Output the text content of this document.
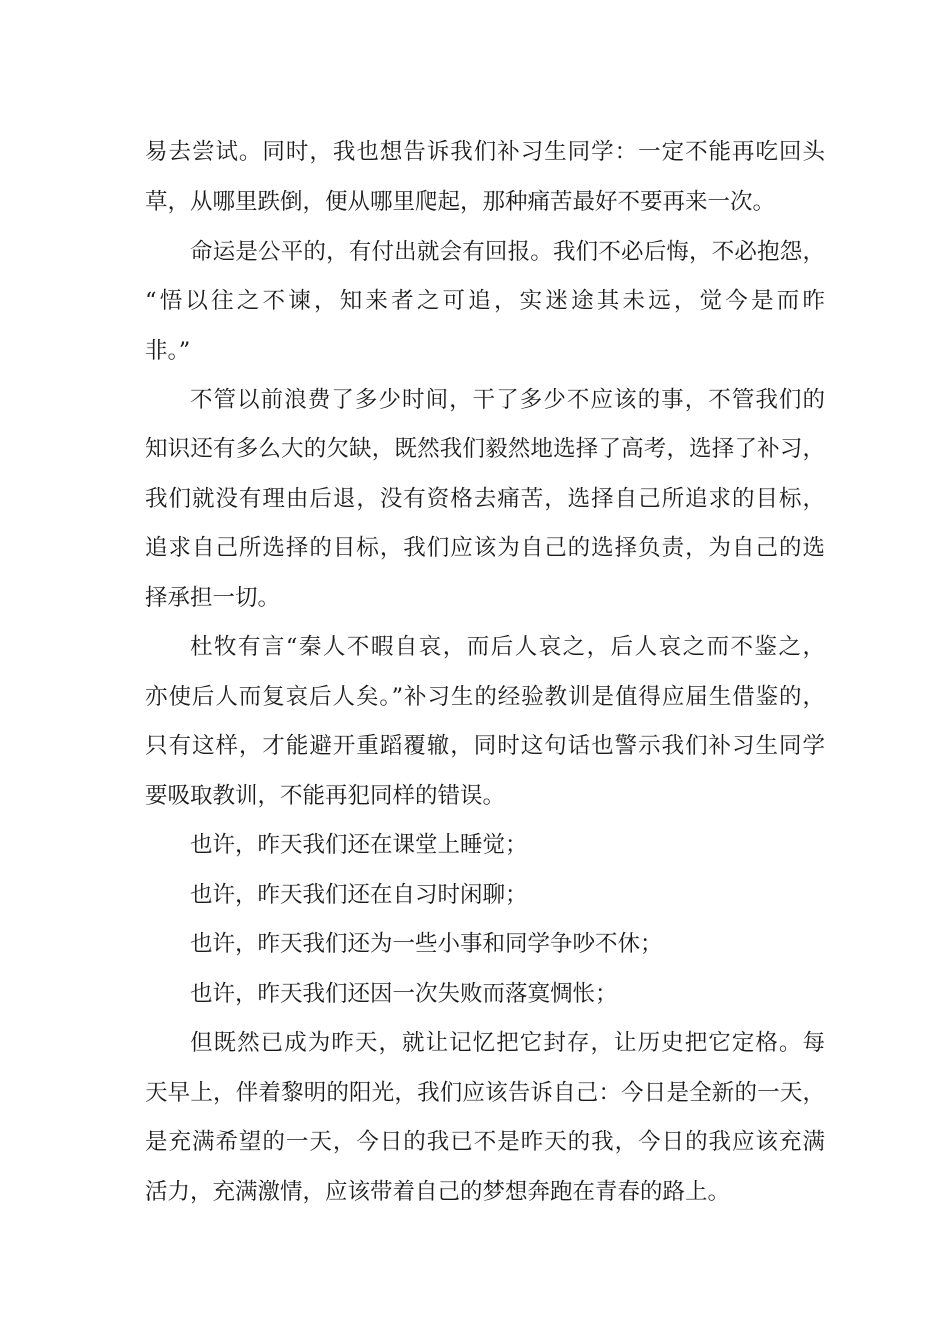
易去尝试。同时，我也想告诉我们补习生同学：一定不能再吃回头
草，从哪里跌倒，便从哪里爬起，那种痛苦最好不要再来一次。
命运是公平的，有付出就会有回报。我们不必后悔，不必抱怨，
“悟以往之不谏，知来者之可追，实迷途其未远，觉今是而昨
非。”
不管以前浪费了多少时间，干了多少不应该的事，不管我们的
知识还有多么大的欠缺，既然我们毅然地选择了高考，选择了补习，
我们就没有理由后退，没有资格去痛苦，选择自己所追求的目标，
追求自己所选择的目标，我们应该为自己的选择负责，为自己的选
择承担一切。
杜牧有言“秦人不暇自哀，而后人哀之，后人哀之而不鉴之，
亦使后人而复哀后人矣。”补习生的经验教训是值得应届生借鉴的，
只有这样，才能避开重蹈覆辙，同时这句话也警示我们补习生同学
要吸取教训，不能再犯同样的错误。
也许，昨天我们还在课堂上睡觉；
也许，昨天我们还在自习时闲聊；
也许，昨天我们还为一些小事和同学争吵不休；
也许，昨天我们还因一次失败而落寞惆怅；
但既然已成为昨天，就让记忆把它封存，让历史把它定格。每
天早上，伴着黎明的阳光，我们应该告诉自己：今日是全新的一天，
是充满希望的一天，今日的我已不是昨天的我，今日的我应该充满
活力，充满激情，应该带着自己的梦想奔跑在青春的路上。
